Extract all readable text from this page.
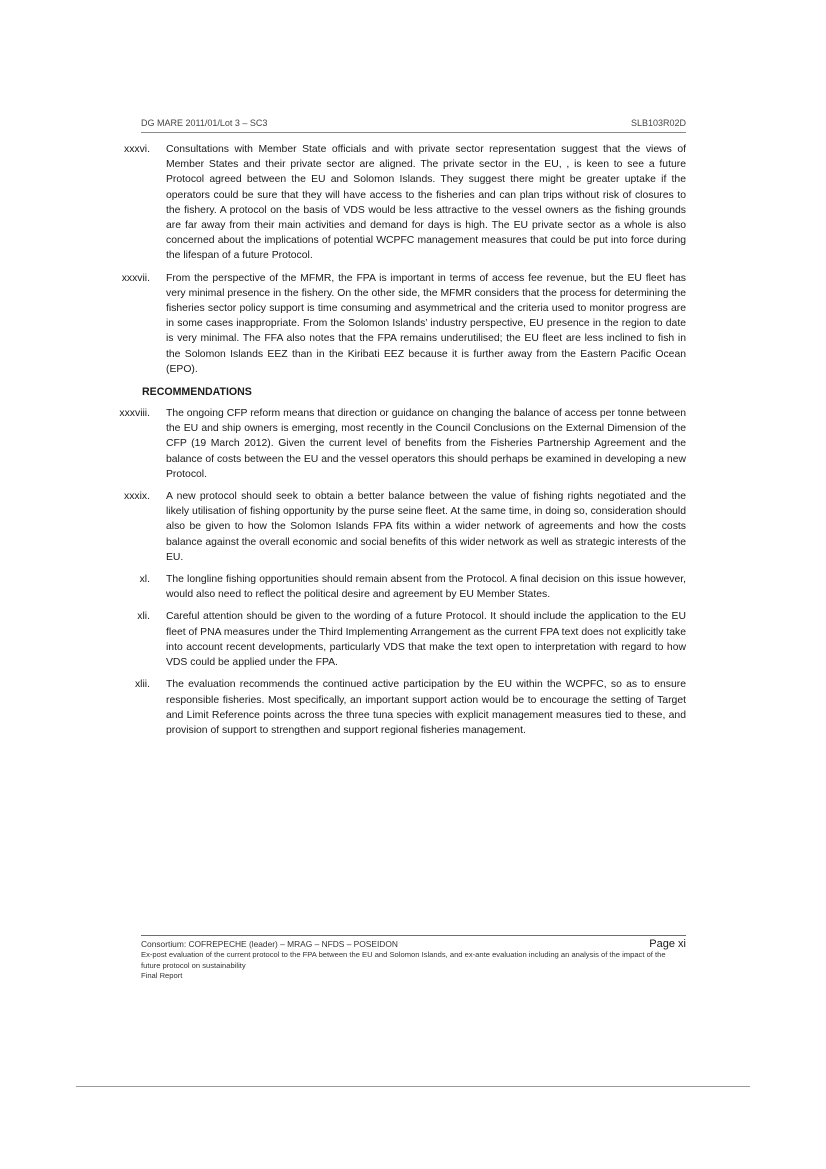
DG MARE 2011/01/Lot 3 – SC3	SLB103R02D
xxxvi.	Consultations with Member State officials and with private sector representation suggest that the views of Member States and their private sector are aligned. The private sector in the EU, , is keen to see a future Protocol agreed between the EU and Solomon Islands. They suggest there might be greater uptake if the operators could be sure that they will have access to the fisheries and can plan trips without risk of closures to the fishery. A protocol on the basis of VDS would be less attractive to the vessel owners as the fishing grounds are far away from their main activities and demand for days is high. The EU private sector as a whole is also concerned about the implications of potential WCPFC management measures that could be put into force during the lifespan of a future Protocol.
xxxvii.	From the perspective of the MFMR, the FPA is important in terms of access fee revenue, but the EU fleet has very minimal presence in the fishery. On the other side, the MFMR considers that the process for determining the fisheries sector policy support is time consuming and asymmetrical and the criteria used to monitor progress are in some cases inappropriate. From the Solomon Islands’ industry perspective, EU presence in the region to date is very minimal. The FFA also notes that the FPA remains underutilised; the EU fleet are less inclined to fish in the Solomon Islands EEZ than in the Kiribati EEZ because it is further away from the Eastern Pacific Ocean (EPO).
RECOMMENDATIONS
xxxviii.	The ongoing CFP reform means that direction or guidance on changing the balance of access per tonne between the EU and ship owners is emerging, most recently in the Council Conclusions on the External Dimension of the CFP (19 March 2012). Given the current level of benefits from the Fisheries Partnership Agreement and the balance of costs between the EU and the vessel operators this should perhaps be examined in developing a new Protocol.
xxxix.	A new protocol should seek to obtain a better balance between the value of fishing rights negotiated and the likely utilisation of fishing opportunity by the purse seine fleet. At the same time, in doing so, consideration should also be given to how the Solomon Islands FPA fits within a wider network of agreements and how the costs balance against the overall economic and social benefits of this wider network as well as strategic interests of the EU.
xl.	The longline fishing opportunities should remain absent from the Protocol. A final decision on this issue however, would also need to reflect the political desire and agreement by EU Member States.
xli.	Careful attention should be given to the wording of a future Protocol. It should include the application to the EU fleet of PNA measures under the Third Implementing Arrangement as the current FPA text does not explicitly take into account recent developments, particularly VDS that make the text open to interpretation with regard to how VDS could be applied under the FPA.
xlii.	The evaluation recommends the continued active participation by the EU within the WCPFC, so as to ensure responsible fisheries. Most specifically, an important support action would be to encourage the setting of Target and Limit Reference points across the three tuna species with explicit management measures tied to these, and provision of support to strengthen and support regional fisheries management.
Consortium: COFREPECHE (leader) – MRAG – NFDS – POSEIDON	Page xi
Ex-post evaluation of the current protocol to the FPA between the EU and Solomon Islands, and ex-ante evaluation including an analysis of the impact of the future protocol on sustainability
Final Report
